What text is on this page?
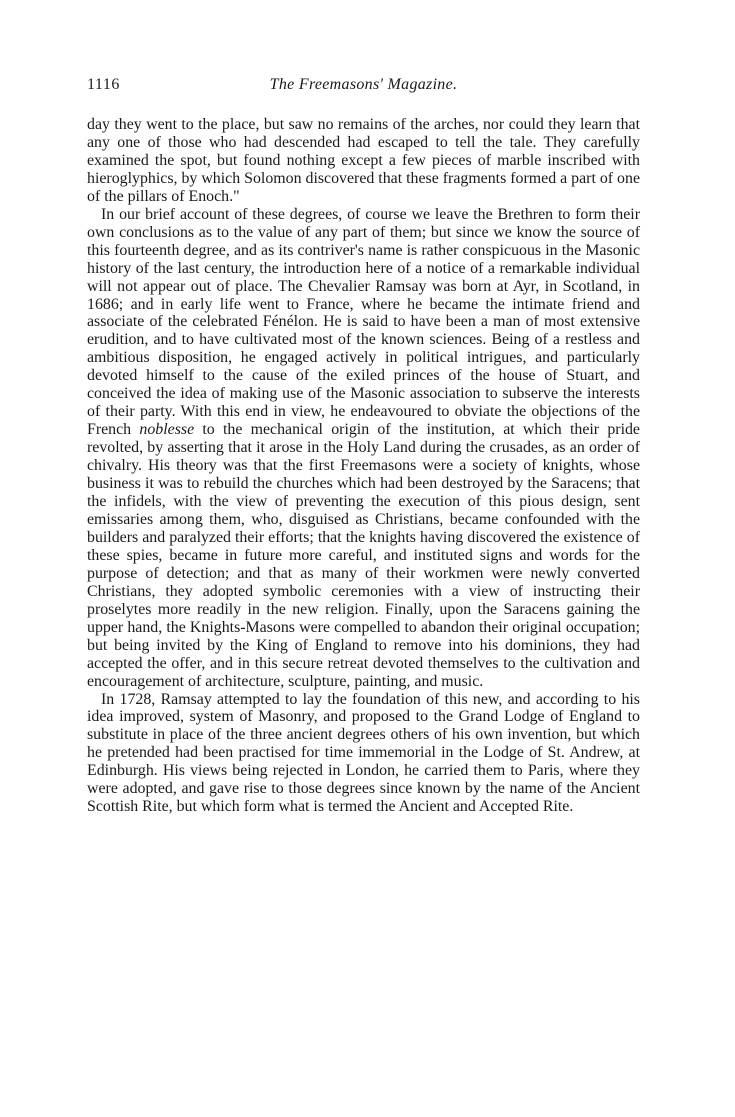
1116	The Freemasons' Magazine.

day they went to the place, but saw no remains of the arches, nor could they learn that any one of those who had descended had escaped to tell the tale. They carefully examined the spot, but found nothing except a few pieces of marble inscribed with hieroglyphics, by which Solomon discovered that these fragments formed a part of one of the pillars of Enoch."

In our brief account of these degrees, of course we leave the Brethren to form their own conclusions as to the value of any part of them; but since we know the source of this fourteenth degree, and as its contriver's name is rather conspicuous in the Masonic history of the last century, the introduction here of a notice of a remarkable individual will not appear out of place. The Chevalier Ramsay was born at Ayr, in Scotland, in 1686; and in early life went to France, where he became the intimate friend and associate of the celebrated Fénélon. He is said to have been a man of most extensive erudition, and to have cultivated most of the known sciences. Being of a restless and ambitious disposition, he engaged actively in political intrigues, and particularly devoted himself to the cause of the exiled princes of the house of Stuart, and conceived the idea of making use of the Masonic association to subserve the interests of their party. With this end in view, he endeavoured to obviate the objections of the French noblesse to the mechanical origin of the institution, at which their pride revolted, by asserting that it arose in the Holy Land during the crusades, as an order of chivalry. His theory was that the first Freemasons were a society of knights, whose business it was to rebuild the churches which had been destroyed by the Saracens; that the infidels, with the view of preventing the execution of this pious design, sent emissaries among them, who, disguised as Christians, became confounded with the builders and paralyzed their efforts; that the knights having discovered the existence of these spies, became in future more careful, and instituted signs and words for the purpose of detection; and that as many of their workmen were newly converted Christians, they adopted symbolic ceremonies with a view of instructing their proselytes more readily in the new religion. Finally, upon the Saracens gaining the upper hand, the Knights-Masons were compelled to abandon their original occupation; but being invited by the King of England to remove into his dominions, they had accepted the offer, and in this secure retreat devoted themselves to the cultivation and encouragement of architecture, sculpture, painting, and music.

In 1728, Ramsay attempted to lay the foundation of this new, and according to his idea improved, system of Masonry, and proposed to the Grand Lodge of England to substitute in place of the three ancient degrees others of his own invention, but which he pretended had been practised for time immemorial in the Lodge of St. Andrew, at Edinburgh. His views being rejected in London, he carried them to Paris, where they were adopted, and gave rise to those degrees since known by the name of the Ancient Scottish Rite, but which form what is termed the Ancient and Accepted Rite.
